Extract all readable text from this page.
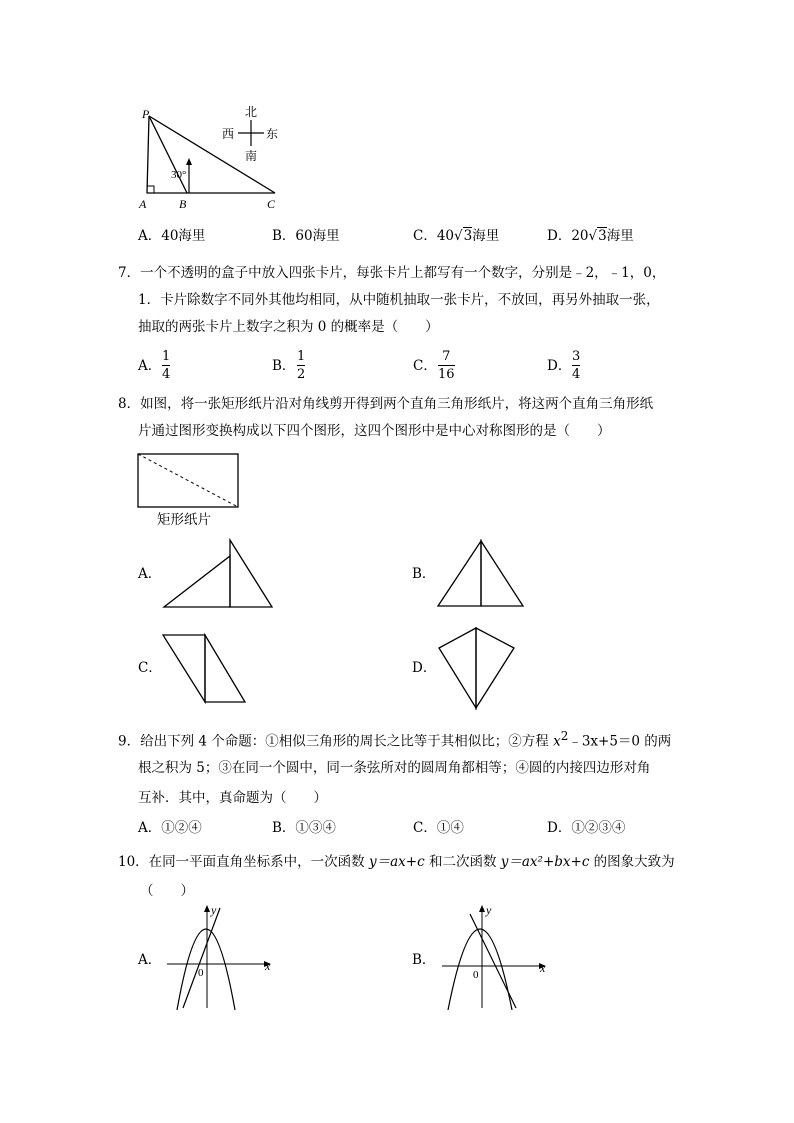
P
A	B	C
30°
北
南
西	东
A．40海里	B．60海里	C．40√3海里	D．20√3海里
7．一个不透明的盒子中放入四张卡片，每张卡片上都写有一个数字，分别是﹣2，﹣1，0，
1．卡片除数字不同外其他均相同，从中随机抽取一张卡片，不放回，再另外抽取一张，
抽取的两张卡片上数字之积为 0 的概率是（　　）
A．
1
4
B．
1
2
C．
7
16
D．
3
4
8．如图，将一张矩形纸片沿对角线剪开得到两个直角三角形纸片，将这两个直角三角形纸
片通过图形变换构成以下四个图形，这四个图形中是中心对称图形的是（　　）
矩形纸片
A．	B．
C．	D．
9．给出下列 4 个命题：①相似三角形的周长之比等于其相似比；②方程 $x^2﹣3x+5=0$ 的两
根之积为 5；③在同一个圆中，同一条弦所对的圆周角都相等；④圆的内接四边形对角
互补．其中，真命题为（　　）
A．①②④	B．①③④	C．①④	D．①②③④
10．在同一平面直角坐标系中，一次函数 y＝ax+c 和二次函数 y＝ax²+bx+c 的图象大致为
（　　）
A．
y
x
0
B．
y
x
0
